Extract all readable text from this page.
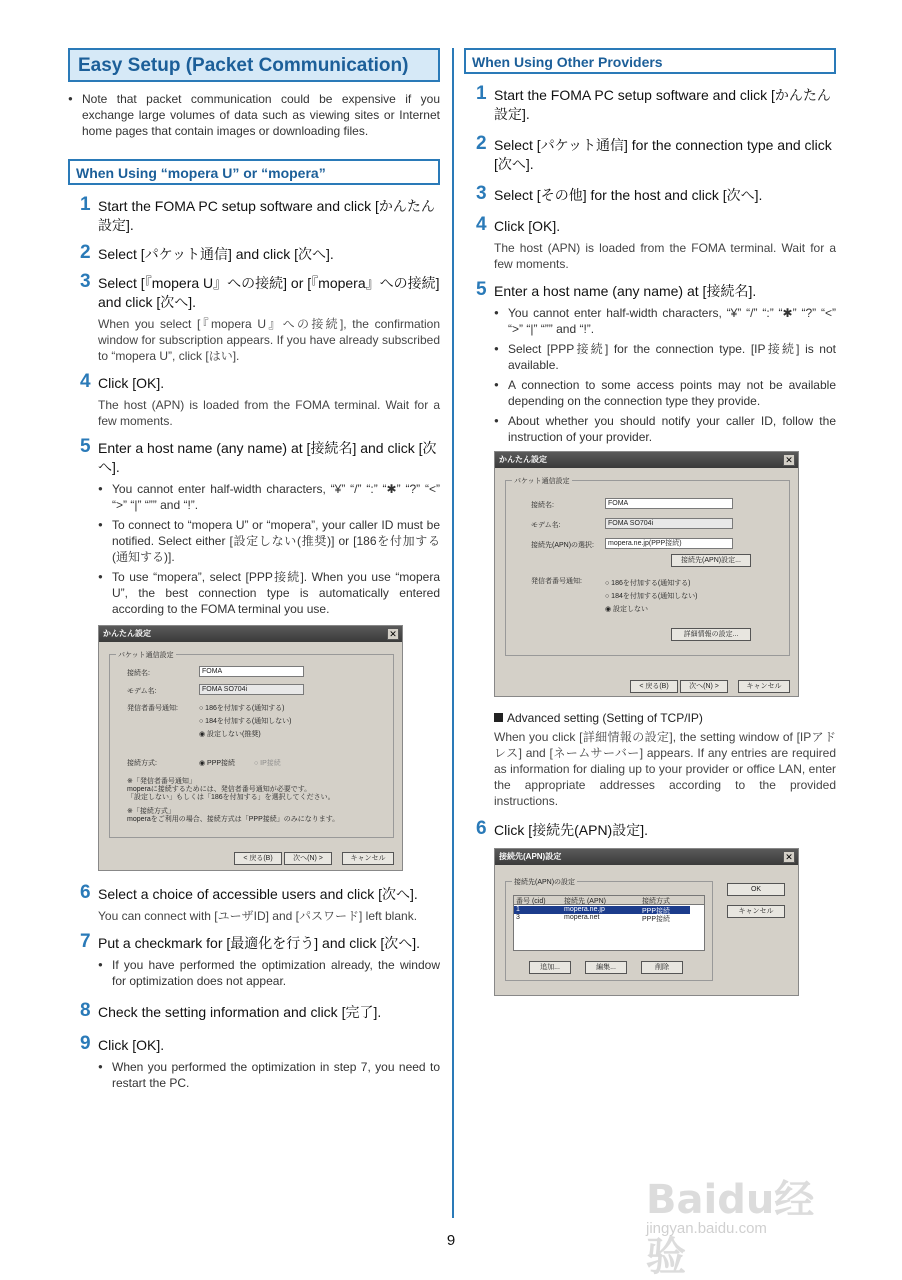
Easy Setup (Packet Communication)
● Note that packet communication could be expensive if you exchange large volumes of data such as viewing sites or Internet home pages that contain images or downloading files.
When Using “mopera U” or “mopera”
1 Start the FOMA PC setup software and click [かんたん設定].
2 Select [パケット通信] and click [次へ].
3 Select [『mopera U』への接続] or [『mopera』への接続] and click [次へ].
When you select [『mopera U』への接続], the confirmation window for subscription appears. If you have already subscribed to “mopera U”, click [はい].
4 Click [OK].
The host (APN) is loaded from the FOMA terminal. Wait for a few moments.
5 Enter a host name (any name) at [接続名] and click [次へ].
● You cannot enter half-width characters, “¥” “/” “:” “✱” “?” “<” “>” “|” “”” and “!”.
● To connect to “mopera U” or “mopera”, your caller ID must be notified. Select either [設定しない(推奨)] or [186を付加する(通知する)].
● To use “mopera”, select [PPP接続]. When you use “mopera U”, the best connection type is automatically entered according to the FOMA terminal you use.
かんたん設定	✕
パケット通信設定
接続名:	FOMA
モデム名:	FOMA SO704i
発信者番号通知:	○ 186を付加する(通知する)
○ 184を付加する(通知しない)
◉ 設定しない(推奨)
接続方式:	◉ PPP接続	○ IP接続
※「発信者番号通知」
moperaに接続するためには、発信者番号通知が必要です。
「設定しない」もしくは「186を付加する」を選択してください。
※「接続方式」
moperaをご利用の場合、接続方式は「PPP接続」のみになります。
< 戻る(B)	次へ(N) >	キャンセル
6 Select a choice of accessible users and click [次へ].
You can connect with [ユーザID] and [パスワード] left blank.
7 Put a checkmark for [最適化を行う] and click [次へ].
● If you have performed the optimization already, the window for optimization does not appear.
8 Check the setting information and click [完了].
9 Click [OK].
● When you performed the optimization in step 7, you need to restart the PC.
When Using Other Providers
1 Start the FOMA PC setup software and click [かんたん設定].
2 Select [パケット通信] for the connection type and click [次へ].
3 Select [その他] for the host and click [次へ].
4 Click [OK].
The host (APN) is loaded from the FOMA terminal. Wait for a few moments.
5 Enter a host name (any name) at [接続名].
● You cannot enter half-width characters, “¥” “/” “:” “✱” “?” “<” “>” “|” “”” and “!”.
● Select [PPP接続] for the connection type. [IP接続] is not available.
● A connection to some access points may not be available depending on the connection type they provide.
● About whether you should notify your caller ID, follow the instruction of your provider.
かんたん設定	✕
パケット通信設定
接続名:	FOMA
モデム名:	FOMA SO704i
接続先(APN)の選択:	mopera.ne.jp(PPP接続)
接続先(APN)設定...
発信者番号通知:	○ 186を付加する(通知する)
○ 184を付加する(通知しない)
◉ 設定しない
詳細情報の設定...
< 戻る(B)	次へ(N) >	キャンセル
Advanced setting (Setting of TCP/IP)
When you click [詳細情報の設定], the setting window of [IPアドレス] and [ネームサーバー] appears. If any entries are required as information for dialing up to your provider or office LAN, enter the appropriate addresses according to the provided instructions.
6 Click [接続先(APN)設定].
接続先(APN)設定	✕
接続先(APN)の設定
番号 (cid)	接続先 (APN)	接続方式
1	mopera.ne.jp	PPP接続
3	mopera.net	PPP接続
追加...	編集...	削除
OK
キャンセル
9
Baidu经验
jingyan.baidu.com
